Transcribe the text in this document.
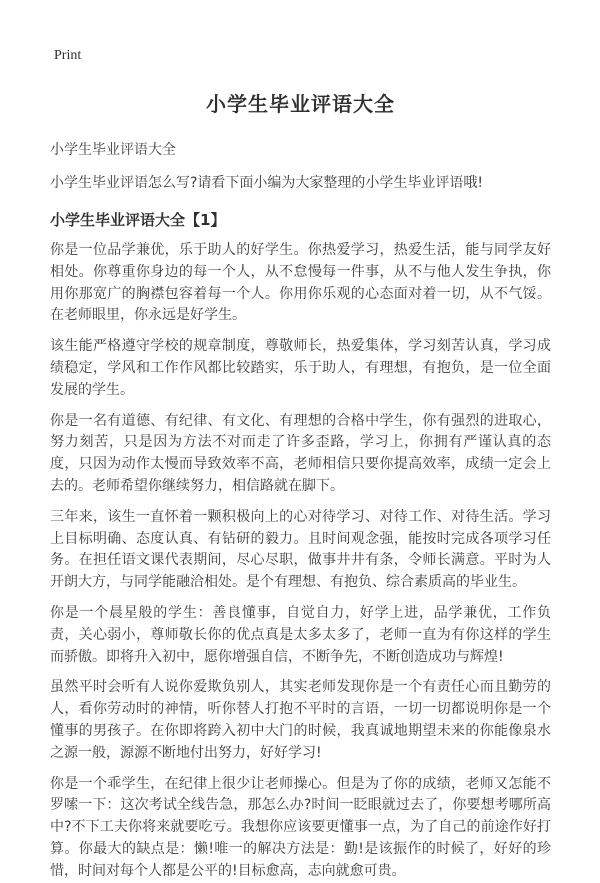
Print
小学生毕业评语大全
小学生毕业评语大全
小学生毕业评语怎么写?请看下面小编为大家整理的小学生毕业评语哦!
小学生毕业评语大全【1】

你是一位品学兼优，乐于助人的好学生。你热爱学习，热爱生活，能与同学友好相处。你尊重你身边的每一个人，从不怠慢每一件事，从不与他人发生争执，你用你那宽广的胸襟包容着每一个人。你用你乐观的心态面对着一切，从不气馁。在老师眼里，你永远是好学生。

该生能严格遵守学校的规章制度，尊敬师长，热爱集体，学习刻苦认真，学习成绩稳定，学风和工作作风都比较踏实，乐于助人，有理想，有抱负，是一位全面发展的学生。

你是一名有道德、有纪律、有文化、有理想的合格中学生，你有强烈的进取心，努力刻苦，只是因为方法不对而走了许多歪路，学习上，你拥有严谨认真的态度，只因为动作太慢而导致效率不高，老师相信只要你提高效率，成绩一定会上去的。老师希望你继续努力，相信路就在脚下。

三年来，该生一直怀着一颗积极向上的心对待学习、对待工作、对待生活。学习上目标明确、态度认真、有钻研的毅力。且时间观念强，能按时完成各项学习任务。在担任语文课代表期间，尽心尽职，做事井井有条，令师长满意。平时为人开朗大方，与同学能融洽相处。是个有理想、有抱负、综合素质高的毕业生。

你是一个晨星般的学生：善良懂事，自觉自力，好学上进，品学兼优，工作负责，关心弱小，尊师敬长你的优点真是太多太多了，老师一直为有你这样的学生而骄傲。即将升入初中，愿你增强自信，不断争先，不断创造成功与辉煌!

虽然平时会听有人说你爱欺负别人，其实老师发现你是一个有责任心而且勤劳的人，看你劳动时的神情，听你替人打抱不平时的言语，一切一切都说明你是一个懂事的男孩子。在你即将跨入初中大门的时候，我真诚地期望未来的你能像泉水之源一般，源源不断地付出努力，好好学习!

你是一个乖学生，在纪律上很少让老师操心。但是为了你的成绩，老师又怎能不罗嗦一下：这次考试全线告急，那怎么办?时间一眨眼就过去了，你要想考哪所高中?不下工夫你将来就要吃亏。我想你应该要更懂事一点，为了自己的前途作好打算。你最大的缺点是：懒!唯一的解决方法是：勤!是该振作的时候了，好好的珍惜，时间对每个人都是公平的!目标愈高，志向就愈可贵。
